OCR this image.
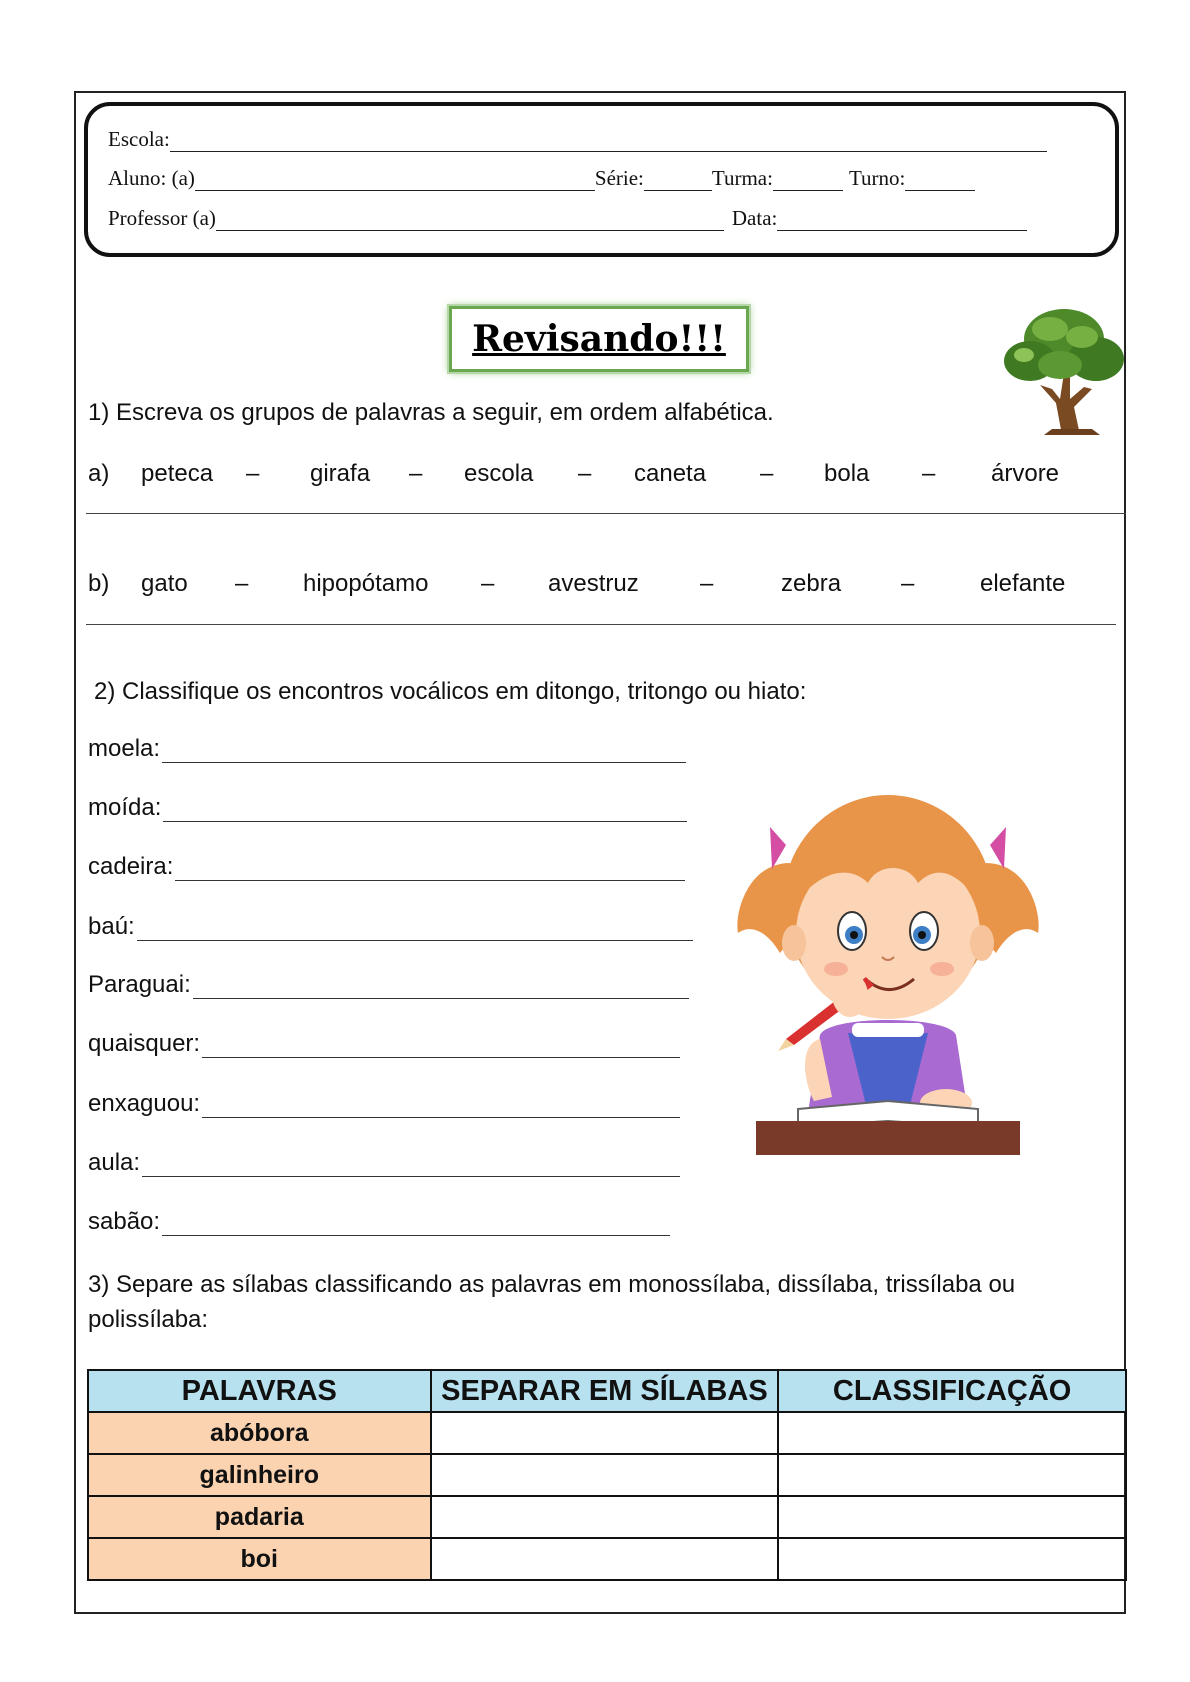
Escola:
Aluno: (a)	Série:	Turma:	Turno:
Professor (a)	Data:
Revisando!!!
1) Escreva os grupos de palavras a seguir, em ordem alfabética.
a) peteca – girafa – escola – caneta – bola – árvore
b) gato – hipopótamo – avestruz	–	zebra –	elefante
2) Classifique os encontros vocálicos em ditongo, tritongo ou hiato:
moela:
moída:
cadeira:
baú:
Paraguai:
quaisquer:
enxaguou:
aula:
sabão:
3) Separe as sílabas classificando as palavras em monossílaba, dissílaba, trissílaba ou
polissílaba:
PALAVRAS	SEPARAR EM SÍLABAS	CLASSIFICAÇÃO
abóbora		
galinheiro		
padaria		
boi		
